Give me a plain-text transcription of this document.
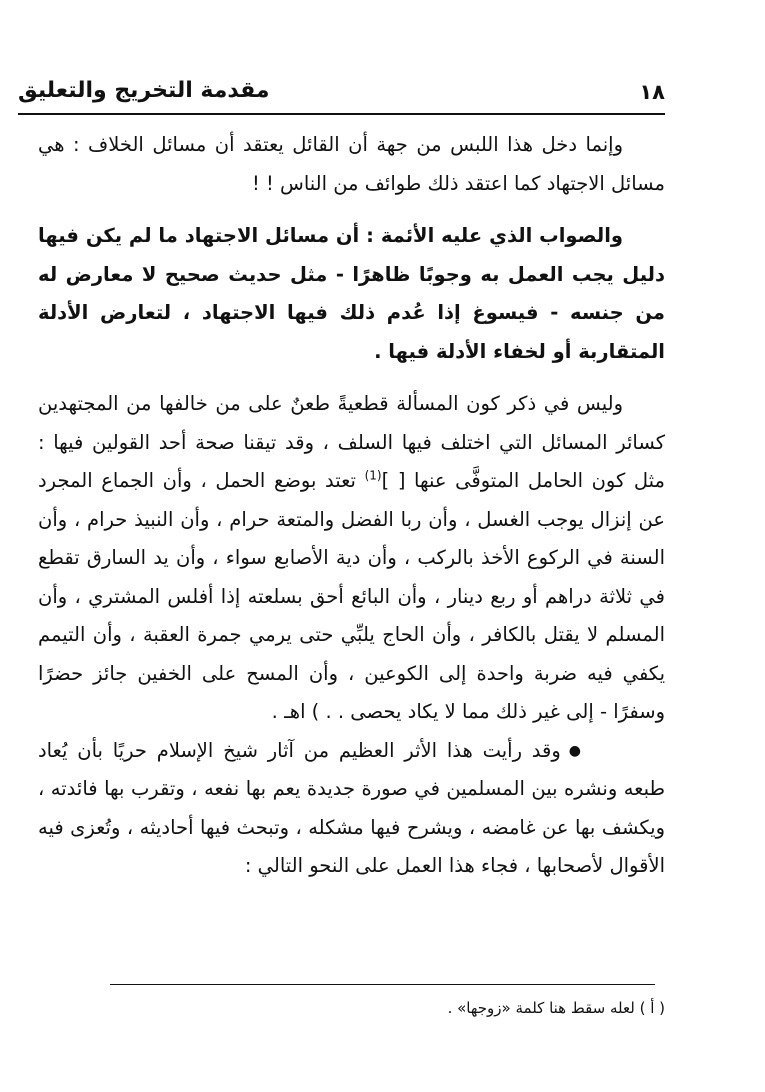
مقدمة التخريج والتعليق	١٨

وإنما دخل هذا اللبس من جهة أن القائل يعتقد أن مسائل الخلاف : هي مسائل الاجتهاد كما اعتقد ذلك طوائف من الناس ! !

والصواب الذي عليه الأئمة : أن مسائل الاجتهاد ما لم يكن فيها دليل يجب العمل به وجوبًا ظاهرًا - مثل حديث صحيح لا معارض له من جنسه - فيسوغ إذا عُدم ذلك فيها الاجتهاد ، لتعارض الأدلة المتقاربة أو لخفاء الأدلة فيها .

وليس في ذكر كون المسألة قطعيةً طعنٌ على من خالفها من المجتهدين كسائر المسائل التي اختلف فيها السلف ، وقد تيقنا صحة أحد القولين فيها : مثل كون الحامل المتوفَّى عنها [ ]$^{(1)}$ تعتد بوضع الحمل ، وأن الجماع المجرد عن إنزال يوجب الغسل ، وأن ربا الفضل والمتعة حرام ، وأن النبيذ حرام ، وأن السنة في الركوع الأخذ بالركب ، وأن دية الأصابع سواء ، وأن يد السارق تقطع في ثلاثة دراهم أو ربع دينار ، وأن البائع أحق بسلعته إذا أفلس المشتري ، وأن المسلم لا يقتل بالكافر ، وأن الحاج يلبِّي حتى يرمي جمرة العقبة ، وأن التيمم يكفي فيه ضربة واحدة إلى الكوعين ، وأن المسح على الخفين جائز حضرًا وسفرًا - إلى غير ذلك مما لا يكاد يحصى . . ) اهـ .

●وقد رأيت هذا الأثر العظيم من آثار شيخ الإسلام حريًا بأن يُعاد طبعه ونشره بين المسلمين في صورة جديدة يعم بها نفعه ، وتقرب بها فائدته ، ويكشف بها عن غامضه ، ويشرح فيها مشكله ، وتبحث فيها أحاديثه ، وتُعزى فيه الأقوال لأصحابها ، فجاء هذا العمل على النحو التالي :

( أ ) لعله سقط هنا كلمة «زوجها» .
